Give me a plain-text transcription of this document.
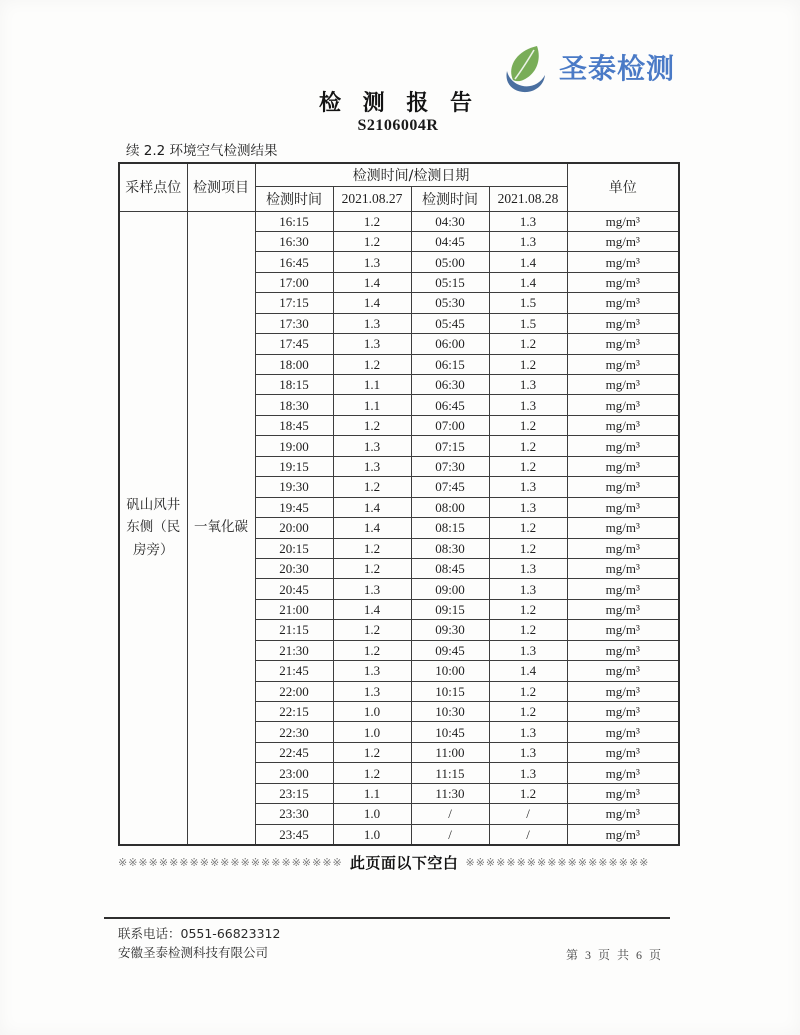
圣泰检测
检 测 报 告
S2106004R
续 2.2 环境空气检测结果
采样点位	检测项目	检测时间/检测日期				单位
		检测时间	2021.08.27	检测时间	2021.08.28	
矾山风井东侧（民房旁）	一氧化碳	16:15	1.2	04:30	1.3	mg/m³
		16:30	1.2	04:45	1.3	mg/m³
		16:45	1.3	05:00	1.4	mg/m³
		17:00	1.4	05:15	1.4	mg/m³
		17:15	1.4	05:30	1.5	mg/m³
		17:30	1.3	05:45	1.5	mg/m³
		17:45	1.3	06:00	1.2	mg/m³
		18:00	1.2	06:15	1.2	mg/m³
		18:15	1.1	06:30	1.3	mg/m³
		18:30	1.1	06:45	1.3	mg/m³
		18:45	1.2	07:00	1.2	mg/m³
		19:00	1.3	07:15	1.2	mg/m³
		19:15	1.3	07:30	1.2	mg/m³
		19:30	1.2	07:45	1.3	mg/m³
		19:45	1.4	08:00	1.3	mg/m³
		20:00	1.4	08:15	1.2	mg/m³
		20:15	1.2	08:30	1.2	mg/m³
		20:30	1.2	08:45	1.3	mg/m³
		20:45	1.3	09:00	1.3	mg/m³
		21:00	1.4	09:15	1.2	mg/m³
		21:15	1.2	09:30	1.2	mg/m³
		21:30	1.2	09:45	1.3	mg/m³
		21:45	1.3	10:00	1.4	mg/m³
		22:00	1.3	10:15	1.2	mg/m³
		22:15	1.0	10:30	1.2	mg/m³
		22:30	1.0	10:45	1.3	mg/m³
		22:45	1.2	11:00	1.3	mg/m³
		23:00	1.2	11:15	1.3	mg/m³
		23:15	1.1	11:30	1.2	mg/m³
		23:30	1.0	/	/	mg/m³
		23:45	1.0	/	/	mg/m³
※※※※※※※※※※※※※※※※※※※※※※ 此页面以下空白 ※※※※※※※※※※※※※※※※※※
联系电话：0551-66823312
安徽圣泰检测科技有限公司	第 3 页 共 6 页
